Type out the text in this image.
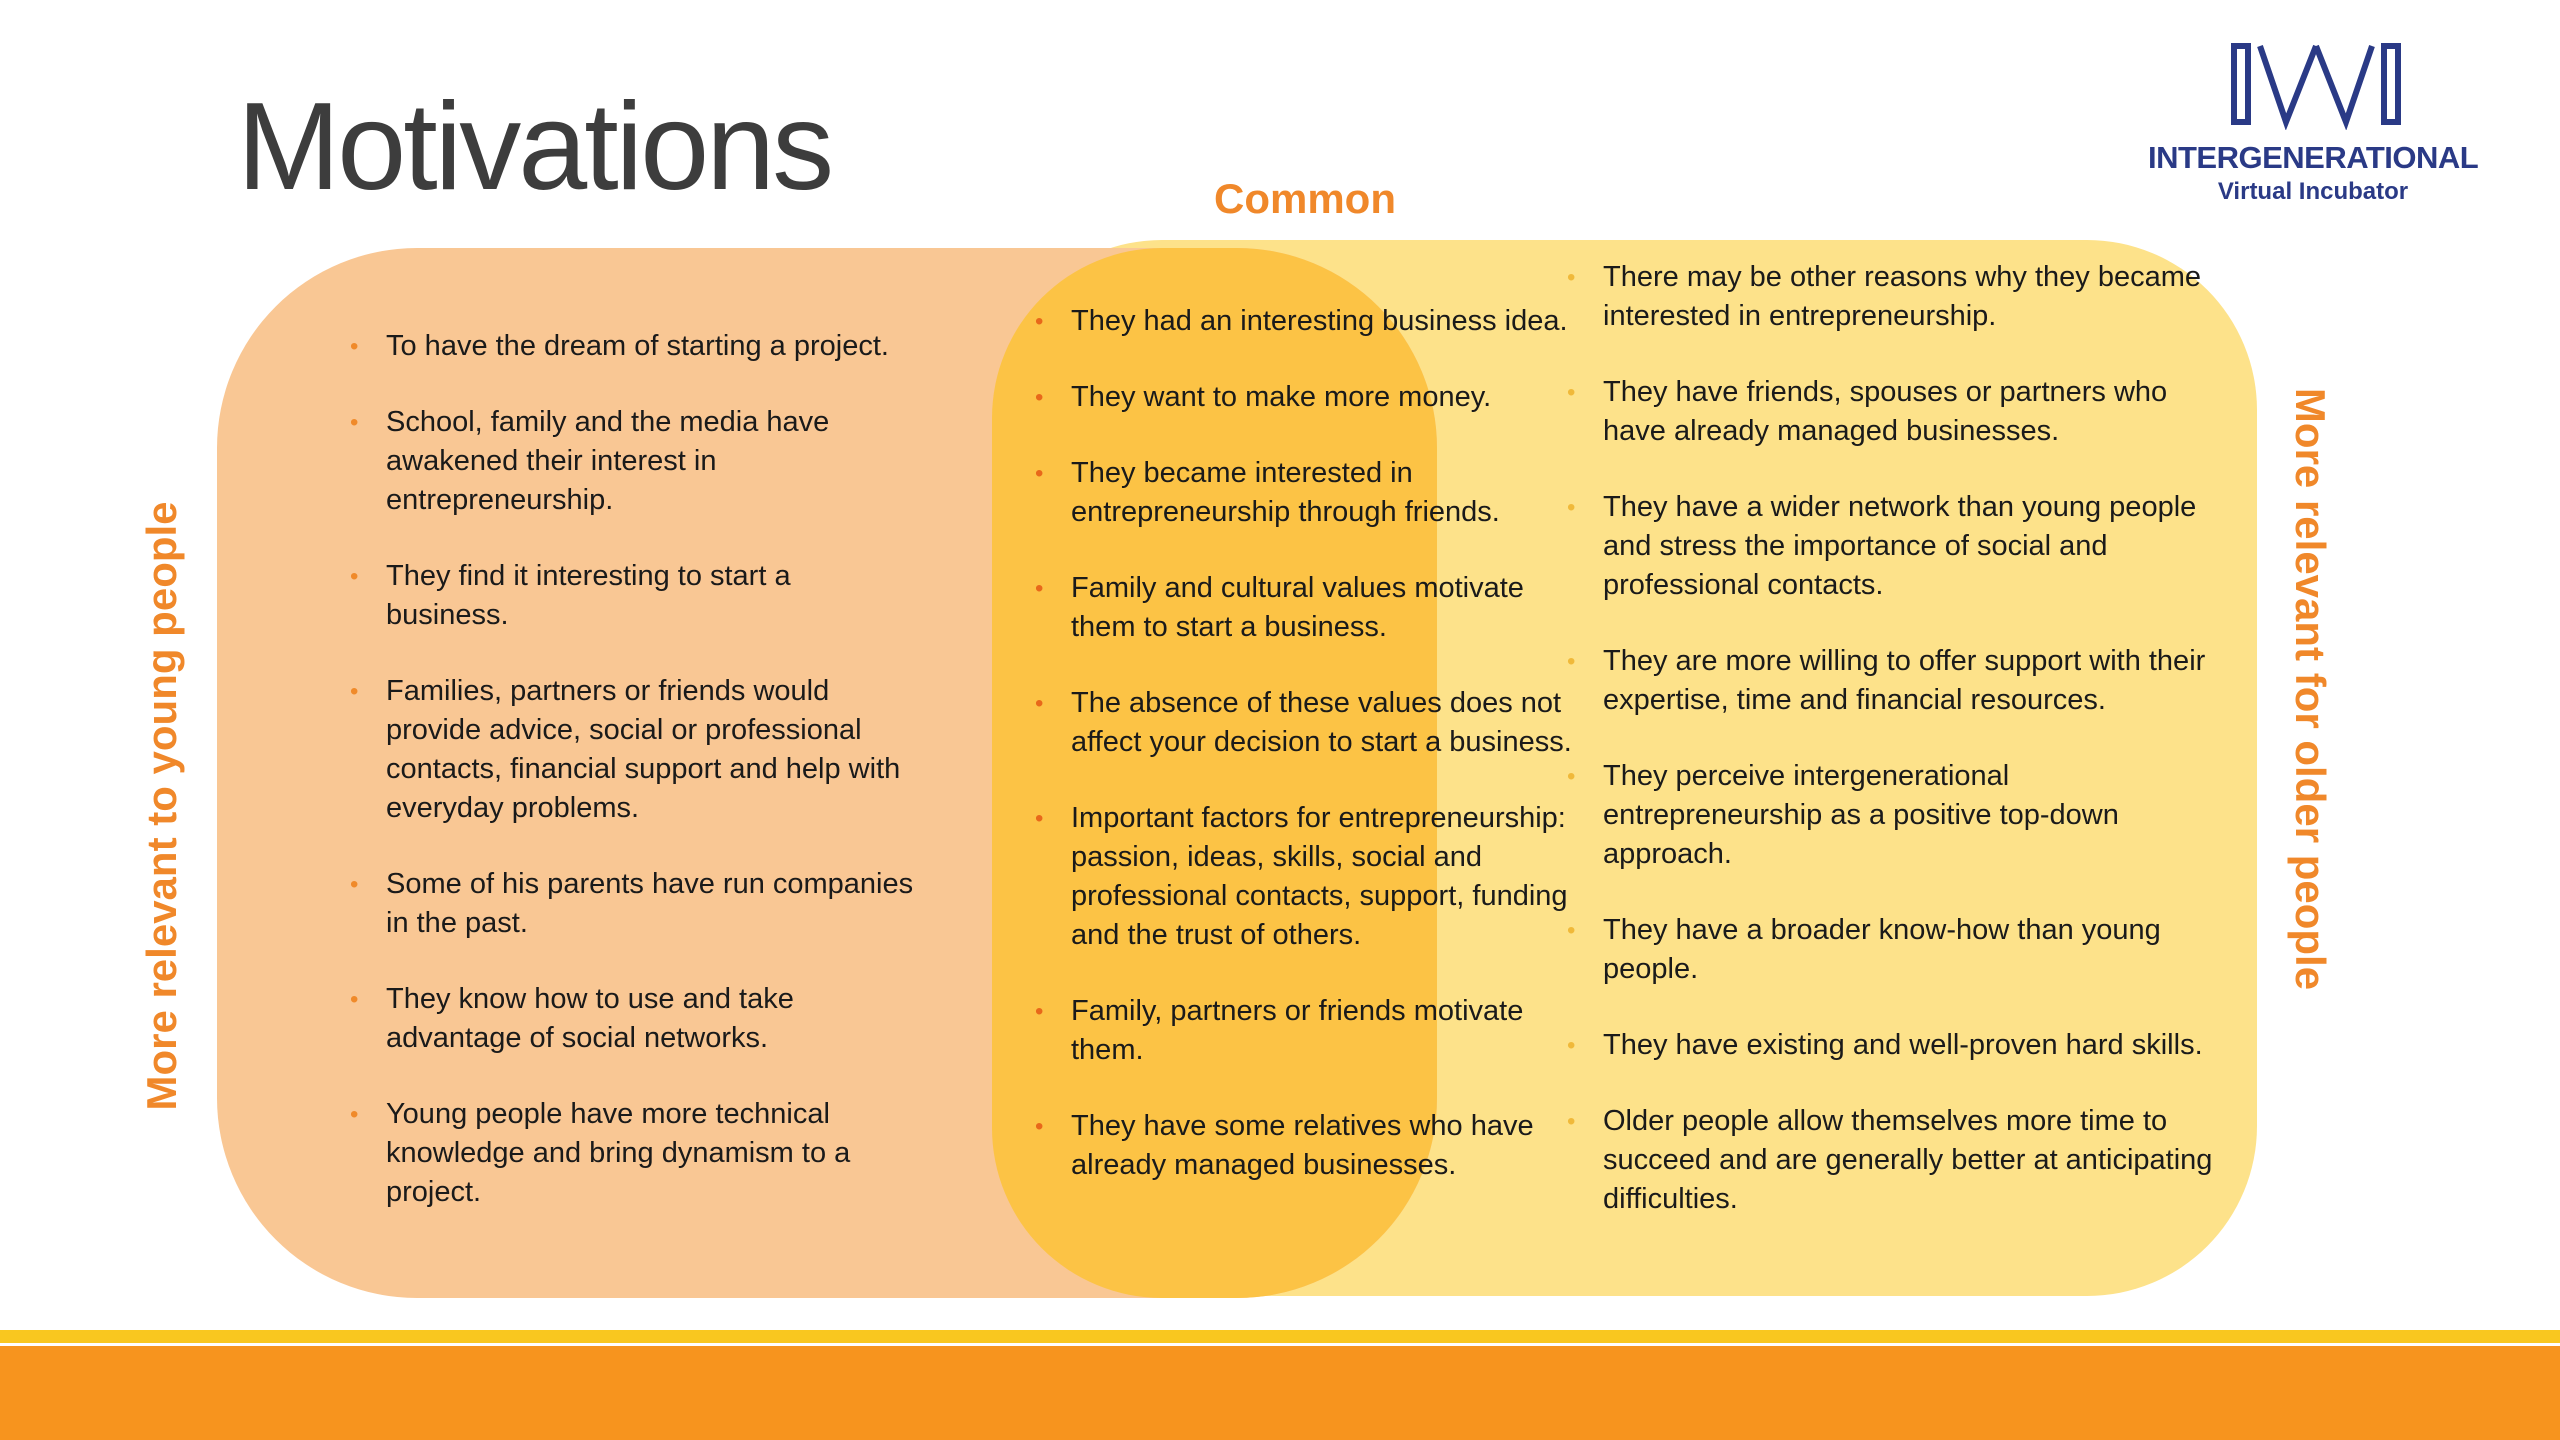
Motivations	INTERGENERATIONAL
Virtual Incubator
Common
More relevant to young people	More relevant for older people
• To have the dream of starting a project.
• School, family and the media have awakened their interest in entrepreneurship.
• They find it interesting to start a business.
• Families, partners or friends would provide advice, social or professional contacts, financial support and help with everyday problems.
• Some of his parents have run companies in the past.
• They know how to use and take advantage of social networks.
• Young people have more technical knowledge and bring dynamism to a project.
• They had an interesting business idea.
• They want to make more money.
• They became interested in entrepreneurship through friends.
• Family and cultural values motivate them to start a business.
• The absence of these values does not affect your decision to start a business.
• Important factors for entrepreneurship: passion, ideas, skills, social and professional contacts, support, funding and the trust of others.
• Family, partners or friends motivate them.
• They have some relatives who have already managed businesses.
• There may be other reasons why they became interested in entrepreneurship.
• They have friends, spouses or partners who have already managed businesses.
• They have a wider network than young people and stress the importance of social and professional contacts.
• They are more willing to offer support with their expertise, time and financial resources.
• They perceive intergenerational entrepreneurship as a positive top-down approach.
• They have a broader know-how than young people.
• They have existing and well-proven hard skills.
• Older people allow themselves more time to succeed and are generally better at anticipating difficulties.
